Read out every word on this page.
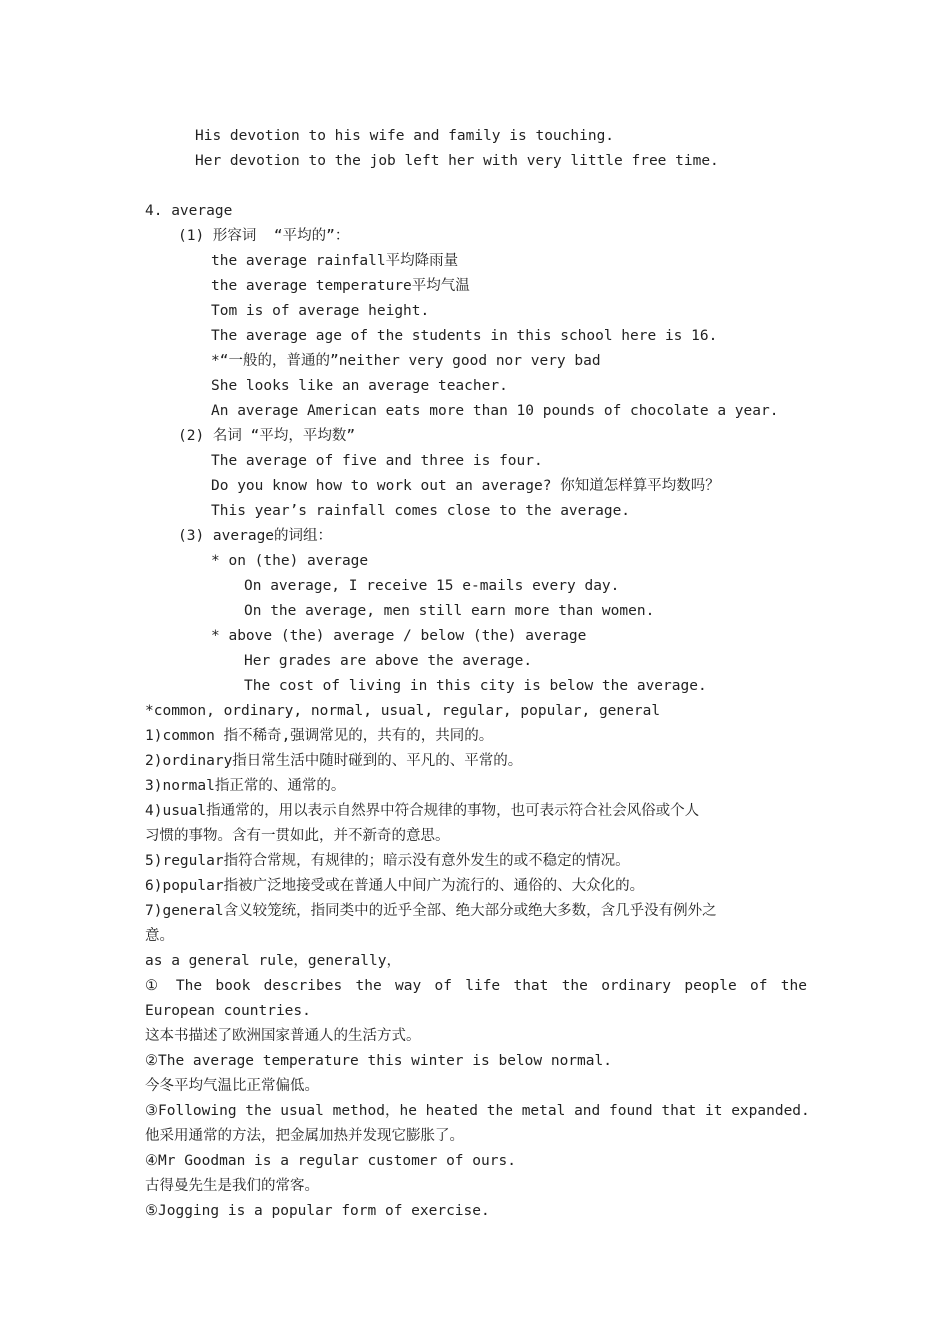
His devotion to his wife and family is touching.
Her devotion to the job left her with very little free time.
4. average
(1) 形容词  “平均的”：
the average rainfall平均降雨量
the average temperature平均气温
Tom is of average height.
The average age of the students in this school here is 16.
*“一般的，普通的”neither very good nor very bad
She looks like an average teacher.
An average American eats more than 10 pounds of chocolate a year.
(2) 名词 “平均，平均数”
The average of five and three is four.
Do you know how to work out an average? 你知道怎样算平均数吗？
This year’s rainfall comes close to the average.
(3) average的词组：
* on (the) average
On average, I receive 15 e-mails every day.
On the average, men still earn more than women.
* above (the) average / below (the) average
Her grades are above the average.
The cost of living in this city is below the average.
*common, ordinary, normal, usual, regular, popular, general
1)common 指不稀奇,强调常见的，共有的，共同的。
2)ordinary指日常生活中随时碰到的、平凡的、平常的。
3)normal指正常的、通常的。
4)usual指通常的，用以表示自然界中符合规律的事物，也可表示符合社会风俗或个人
习惯的事物。含有一贯如此，并不新奇的意思。
5)regular指符合常规，有规律的；暗示没有意外发生的或不稳定的情况。
6)popular指被广泛地接受或在普通人中间广为流行的、通俗的、大众化的。
7)general含义较笼统，指同类中的近乎全部、绝大部分或绝大多数，含几乎没有例外之
意。
as a general rule，generally，
① The book describes the way of life that the ordinary people of the European countries.
这本书描述了欧洲国家普通人的生活方式。
②The average temperature this winter is below normal.
今冬平均气温比正常偏低。
③Following the usual method，he heated the metal and found that it expanded.
他采用通常的方法，把金属加热并发现它膨胀了。
④Mr Goodman is a regular customer of ours.
古得曼先生是我们的常客。
⑤Jogging is a popular form of exercise.
